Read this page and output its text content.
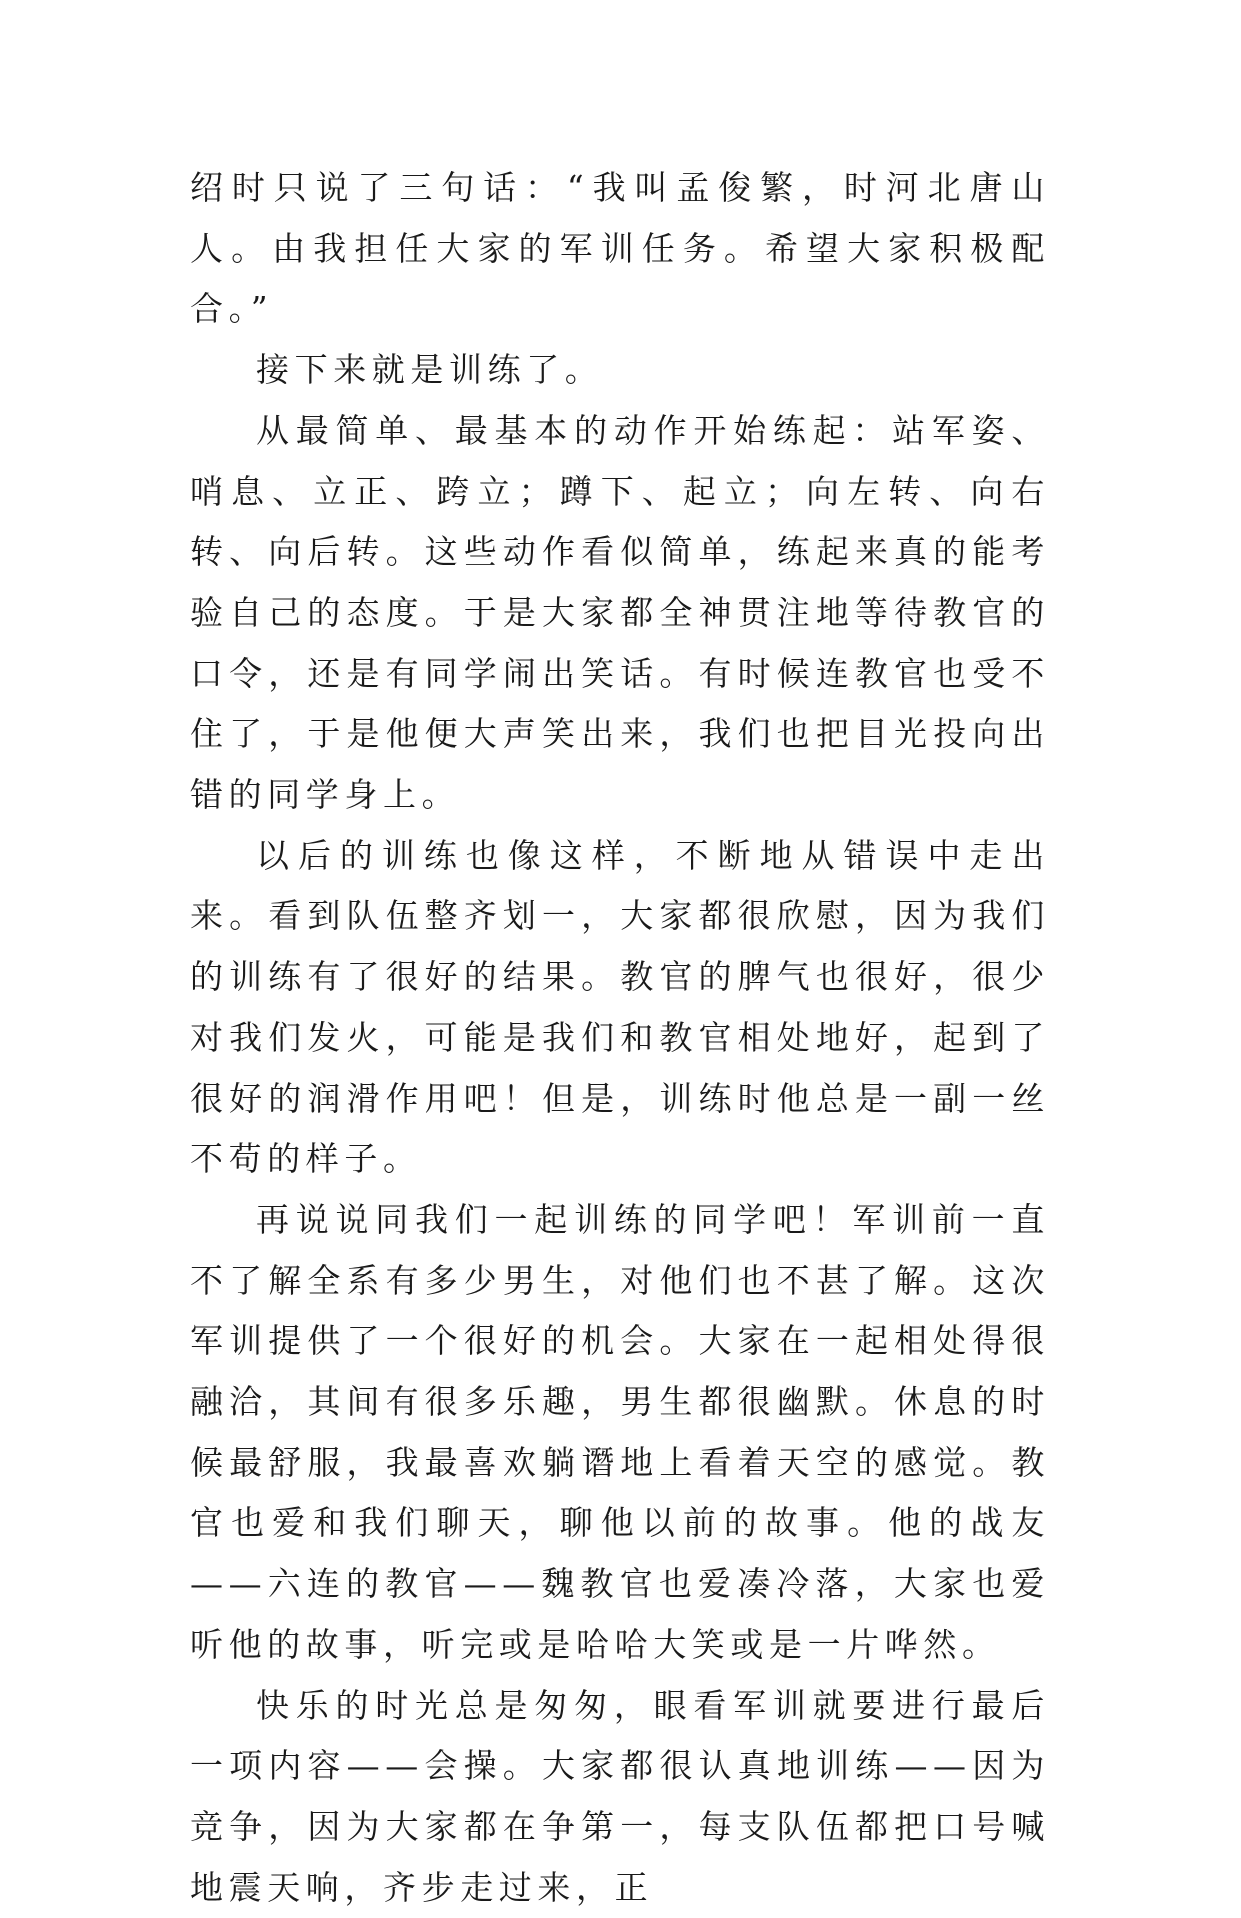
绍时只说了三句话：“我叫孟俊繁，时河北唐山人。由我担任大家的军训任务。希望大家积极配合。”

接下来就是训练了。

从最简单、最基本的动作开始练起：站军姿、哨息、立正、跨立；蹲下、起立；向左转、向右转、向后转。这些动作看似简单，练起来真的能考验自己的态度。于是大家都全神贯注地等待教官的口令，还是有同学闹出笑话。有时候连教官也受不住了，于是他便大声笑出来，我们也把目光投向出错的同学身上。

以后的训练也像这样，不断地从错误中走出来。看到队伍整齐划一，大家都很欣慰，因为我们的训练有了很好的结果。教官的脾气也很好，很少对我们发火，可能是我们和教官相处地好，起到了很好的润滑作用吧！但是，训练时他总是一副一丝不苟的样子。

再说说同我们一起训练的同学吧！军训前一直不了解全系有多少男生，对他们也不甚了解。这次军训提供了一个很好的机会。大家在一起相处得很融洽，其间有很多乐趣，男生都很幽默。休息的时候最舒服，我最喜欢躺谮地上看着天空的感觉。教官也爱和我们聊天，聊他以前的故事。他的战友——六连的教官——魏教官也爱凑冷落，大家也爱听他的故事，听完或是哈哈大笑或是一片哗然。

快乐的时光总是匆匆，眼看军训就要进行最后一项内容——会操。大家都很认真地训练——因为竞争，因为大家都在争第一，每支队伍都把口号喊地震天响，齐步走过来，正
